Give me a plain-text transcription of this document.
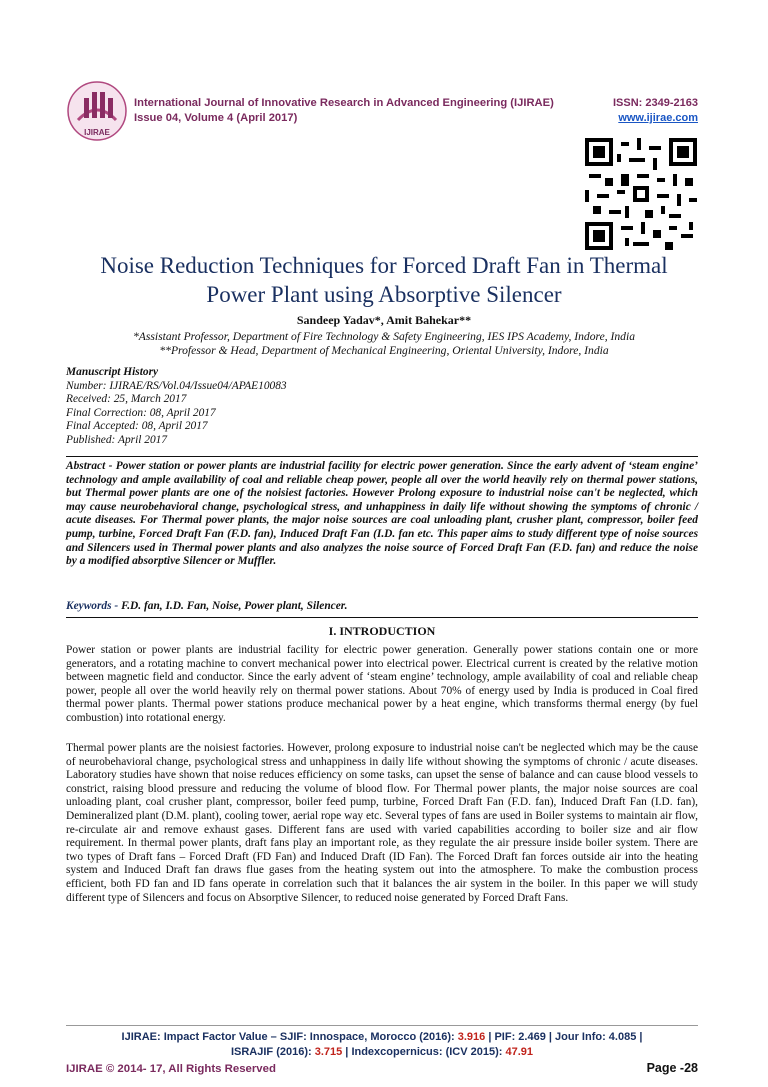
IJIRAE
International Journal of Innovative Research in Advanced Engineering (IJIRAE)
Issue 04, Volume 4 (April 2017)
ISSN: 2349-2163
www.ijirae.com
Noise Reduction Techniques for Forced Draft Fan in Thermal
Power Plant using Absorptive Silencer
Sandeep Yadav*, Amit Bahekar**
*Assistant Professor, Department of Fire Technology & Safety Engineering, IES IPS Academy, Indore, India
**Professor & Head, Department of Mechanical Engineering, Oriental University, Indore, India
Manuscript History
Number: IJIRAE/RS/Vol.04/Issue04/APAE10083
Received: 25, March 2017
Final Correction: 08, April 2017
Final Accepted: 08, April 2017
Published: April 2017
Abstract - Power station or power plants are industrial facility for electric power generation. Since the early advent of ‘steam engine’ technology and ample availability of coal and reliable cheap power, people all over the world heavily rely on thermal power stations, but Thermal power plants are one of the noisiest factories. However Prolong exposure to industrial noise can't be neglected, which may cause neurobehavioral change, psychological stress, and unhappiness in daily life without showing the symptoms of chronic / acute diseases. For Thermal power plants, the major noise sources are coal unloading plant, crusher plant, compressor, boiler feed pump, turbine, Forced Draft Fan (F.D. fan), Induced Draft Fan (I.D. fan etc. This paper aims to study different type of noise sources and Silencers used in Thermal power plants and also analyzes the noise source of Forced Draft Fan (F.D. fan) and reduce the noise by a modified absorptive Silencer or Muffler.
Keywords - F.D. fan, I.D. Fan, Noise, Power plant, Silencer.
I. INTRODUCTION
Power station or power plants are industrial facility for electric power generation. Generally power stations contain one or more generators, and a rotating machine to convert mechanical power into electrical power. Electrical current is created by the relative motion between magnetic field and conductor. Since the early advent of ‘steam engine’ technology, ample availability of coal and reliable cheap power, people all over the world heavily rely on thermal power stations. About 70% of energy used by India is produced in Coal fired thermal power plants. Thermal power stations produce mechanical power by a heat engine, which transforms thermal energy (by fuel combustion) into rotational energy.
Thermal power plants are the noisiest factories. However, prolong exposure to industrial noise can't be neglected which may be the cause of neurobehavioral change, psychological stress and unhappiness in daily life without showing the symptoms of chronic / acute diseases. Laboratory studies have shown that noise reduces efficiency on some tasks, can upset the sense of balance and can cause blood vessels to constrict, raising blood pressure and reducing the volume of blood flow. For Thermal power plants, the major noise sources are coal unloading plant, coal crusher plant, compressor, boiler feed pump, turbine, Forced Draft Fan (F.D. fan), Induced Draft Fan (I.D. fan), Demineralized plant (D.M. plant), cooling tower, aerial rope way etc. Several types of fans are used in Boiler systems to maintain air flow, re-circulate air and remove exhaust gases. Different fans are used with varied capabilities according to boiler size and air flow requirement. In thermal power plants, draft fans play an important role, as they regulate the air pressure inside boiler system. There are two types of Draft fans – Forced Draft (FD Fan) and Induced Draft (ID Fan). The Forced Draft fan forces outside air into the heating system and Induced Draft fan draws flue gases from the heating system out into the atmosphere. To make the combustion process efficient, both FD fan and ID fans operate in correlation such that it balances the air system in the boiler. In this paper we will study different type of Silencers and focus on Absorptive Silencer, to reduced noise generated by Forced Draft Fans.
IJIRAE: Impact Factor Value – SJIF: Innospace, Morocco (2016): 3.916 | PIF: 2.469 | Jour Info: 4.085 |
ISRAJIF (2016): 3.715 | Indexcopernicus: (ICV 2015): 47.91
IJIRAE © 2014- 17, All Rights Reserved	Page -28
